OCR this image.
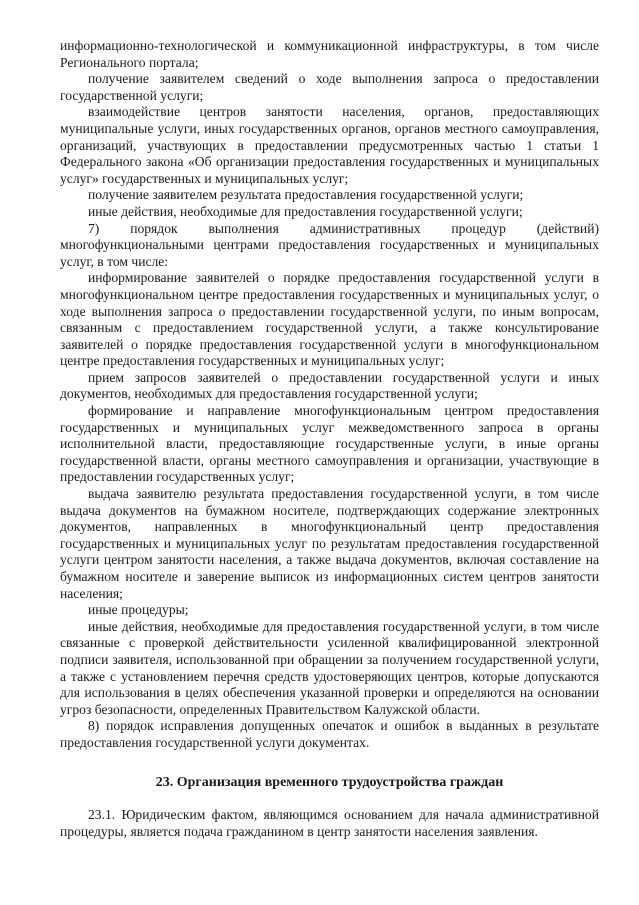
информационно-технологической и коммуникационной инфраструктуры, в том числе Регионального портала;

получение заявителем сведений о ходе выполнения запроса о предоставлении государственной услуги;

взаимодействие центров занятости населения, органов, предоставляющих муниципальные услуги, иных государственных органов, органов местного самоуправления, организаций, участвующих в предоставлении предусмотренных частью 1 статьи 1 Федерального закона «Об организации предоставления государственных и муниципальных услуг» государственных и муниципальных услуг;

получение заявителем результата предоставления государственной услуги;

иные действия, необходимые для предоставления государственной услуги;

7) порядок выполнения административных процедур (действий) многофункциональными центрами предоставления государственных и муниципальных услуг, в том числе:

информирование заявителей о порядке предоставления государственной услуги в многофункциональном центре предоставления государственных и муниципальных услуг, о ходе выполнения запроса о предоставлении государственной услуги, по иным вопросам, связанным с предоставлением государственной услуги, а также консультирование заявителей о порядке предоставления государственной услуги в многофункциональном центре предоставления государственных и муниципальных услуг;

прием запросов заявителей о предоставлении государственной услуги и иных документов, необходимых для предоставления государственной услуги;

формирование и направление многофункциональным центром предоставления государственных и муниципальных услуг межведомственного запроса в органы исполнительной власти, предоставляющие государственные услуги, в иные органы государственной власти, органы местного самоуправления и организации, участвующие в предоставлении государственных услуг;

выдача заявителю результата предоставления государственной услуги, в том числе выдача документов на бумажном носителе, подтверждающих содержание электронных документов, направленных в многофункциональный центр предоставления государственных и муниципальных услуг по результатам предоставления государственной услуги центром занятости населения, а также выдача документов, включая составление на бумажном носителе и заверение выписок из информационных систем центров занятости населения;

иные процедуры;

иные действия, необходимые для предоставления государственной услуги, в том числе связанные с проверкой действительности усиленной квалифицированной электронной подписи заявителя, использованной при обращении за получением государственной услуги, а также с установлением перечня средств удостоверяющих центров, которые допускаются для использования в целях обеспечения указанной проверки и определяются на основании угроз безопасности, определенных Правительством Калужской области.

8) порядок исправления допущенных опечаток и ошибок в выданных в результате предоставления государственной услуги документах.

23. Организация временного трудоустройства граждан

23.1. Юридическим фактом, являющимся основанием для начала административной процедуры, является подача гражданином в центр занятости населения заявления.
